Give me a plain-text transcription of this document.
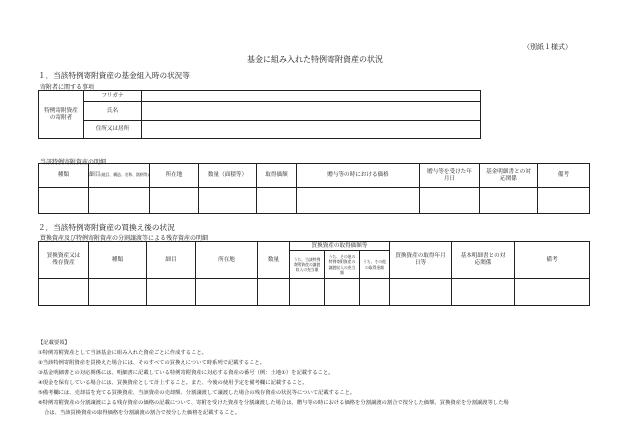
（別紙１様式）
基金に組み入れた特例寄附資産の状況
１．当該特例寄附資産の基金組入時の状況等
寄附者に関する事項
特例寄附資産の寄附者	フリガナ	
	氏名	
	住所又は居所	
当該特例寄附資産の明細
種類	細目(地目、構造、名称、銘柄等)	所在地	数量（面積等）	取得価額	贈与等の時における価格	贈与等を受けた年月日	基金明細書との対応関係	備考

２．当該特例寄附資産の買換え後の状況
買換資産及び特例寄附資産の分割譲渡等による残存資産の明細
買換資産又は残存資産	種類	細目	所在地	数量	買換資産の取得価額等			買換資産の取得年月日等	基本明細書との対応関係	備考
					うち、当該特例寄附資産の譲渡収入の充当額	うち、その他の特例寄附資産の譲渡収入の充当額	うち、その他の取得金額			

【記載要領】
①特例寄附資産として当該基金に組み入れた資産ごとに作成すること。
②当該特例寄附資産を買換えた場合には、そのすべての買換えについて時系列で記載すること。
③基金明細書との対応関係には、明細書に記載している特例寄附資産に対応する資産の番号（例：土地①）を記載すること。
④現金を保有している場合には、買換資産として計上すること。また、今後の使用予定を備考欄に記載すること。
⑤備考欄には、売却益を充てる買換資産、当該資産の売却額、分割譲渡して譲渡した場合の残存資産の状況等について記載すること。
⑥特例寄附資産の分割譲渡による残存資産の価格の記載について、寄附を受けた資産を分割譲渡した場合は、贈与等の時における価格を分割譲渡の割合で按分した価額、買換資産を分割譲渡等した場
合は、当該買換資産の取得価格を分割譲渡の割合で按分した価格を記載すること。
